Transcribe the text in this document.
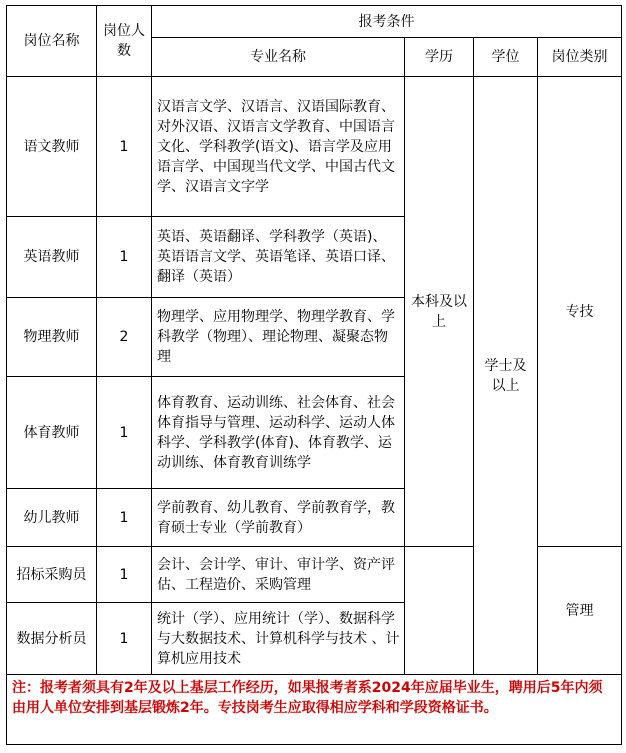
岗位名称	岗位人数	报考条件			
		专业名称	学历	学位	岗位类别
语文教师	1	汉语言文学、汉语言、汉语国际教育、对外汉语、汉语言文学教育、中国语言文化、学科教学(语文)、语言学及应用语言学、中国现当代文学、中国古代文学、汉语言文字学	本科及以上	学士及以上	专技
英语教师	1	英语、英语翻译、学科教学（英语)、英语语言文学、英语笔译、英语口译、翻译（英语）			
物理教师	2	物理学、应用物理学、物理学教育、学科教学（物理）、理论物理、凝聚态物理			
体育教师	1	体育教育、运动训练、社会体育、社会体育指导与管理、运动科学、运动人体科学、学科教学(体育)、体育教学、运动训练、体育教育训练学			
幼儿教师	1	学前教育、幼儿教育、学前教育学，教育硕士专业（学前教育）			
招标采购员	1	会计、会计学、审计、审计学、资产评估、工程造价、采购管理			管理
数据分析员	1	统计（学）、应用统计（学）、数据科学与大数据技术、计算机科学与技术 、计算机应用技术			
注：报考者须具有2年及以上基层工作经历，如果报考者系2024年应届毕业生，聘用后5年内须由用人单位安排到基层锻炼2年。专技岗考生应取得相应学科和学段资格证书。					
